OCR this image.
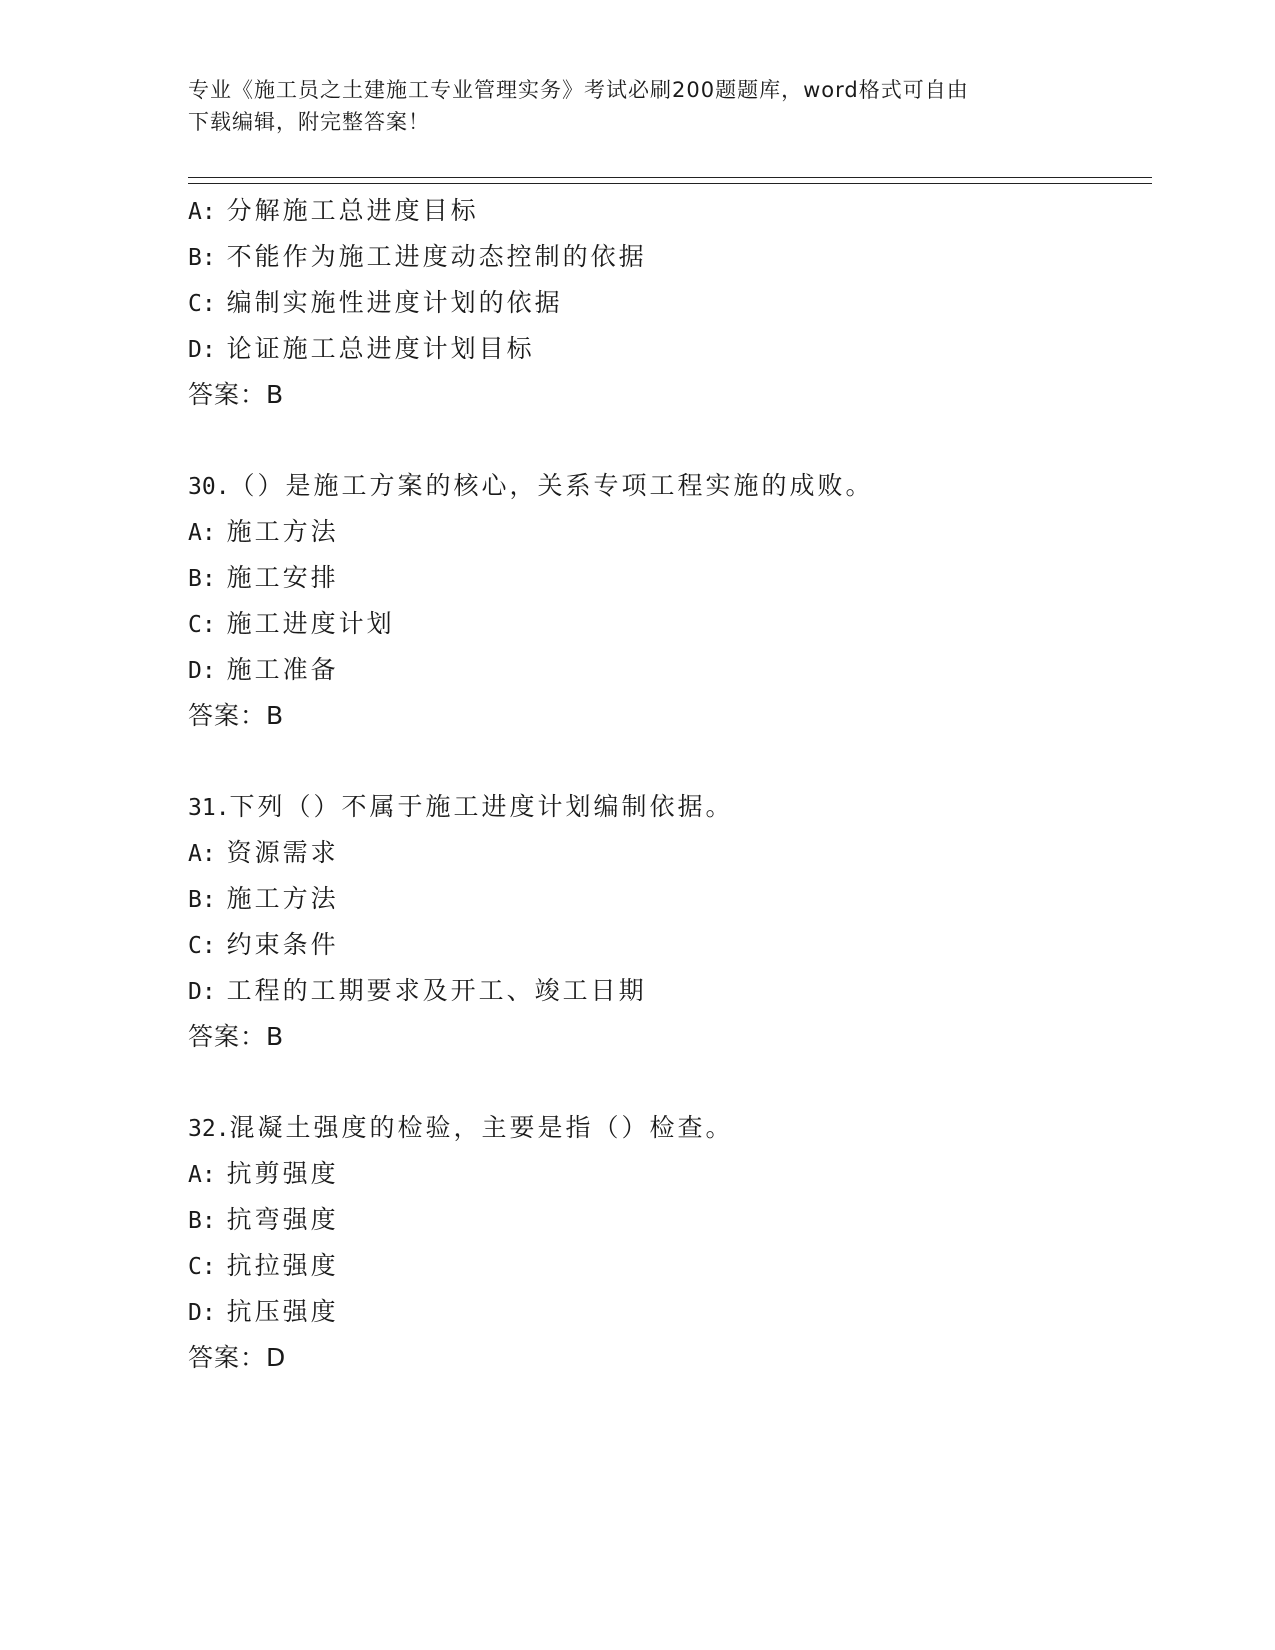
专业《施工员之土建施工专业管理实务》考试必刷200题题库，word格式可自由
下载编辑，附完整答案！
A: 分解施工总进度目标
B: 不能作为施工进度动态控制的依据
C: 编制实施性进度计划的依据
D: 论证施工总进度计划目标
答案：B
30.（）是施工方案的核心，关系专项工程实施的成败。
A: 施工方法
B: 施工安排
C: 施工进度计划
D: 施工准备
答案：B
31.下列（）不属于施工进度计划编制依据。
A: 资源需求
B: 施工方法
C: 约束条件
D: 工程的工期要求及开工、竣工日期
答案：B
32.混凝土强度的检验，主要是指（）检查。
A: 抗剪强度
B: 抗弯强度
C: 抗拉强度
D: 抗压强度
答案：D
